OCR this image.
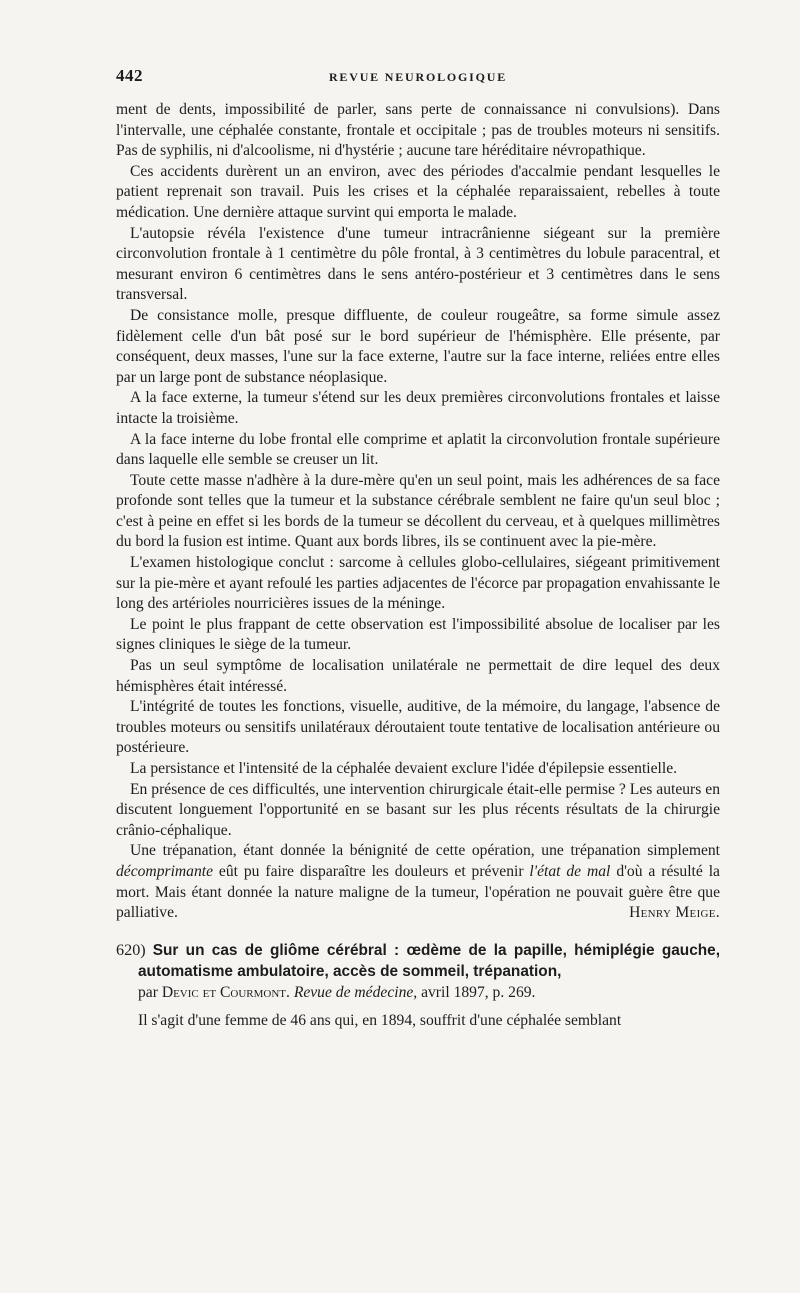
442	REVUE NEUROLOGIQUE

ment de dents, impossibilité de parler, sans perte de connaissance ni convulsions). Dans l'intervalle, une céphalée constante, frontale et occipitale ; pas de troubles moteurs ni sensitifs. Pas de syphilis, ni d'alcoolisme, ni d'hystérie ; aucune tare héréditaire névropathique.

Ces accidents durèrent un an environ, avec des périodes d'accalmie pendant lesquelles le patient reprenait son travail. Puis les crises et la céphalée reparaissaient, rebelles à toute médication. Une dernière attaque survint qui emporta le malade.

L'autopsie révéla l'existence d'une tumeur intracrânienne siégeant sur la première circonvolution frontale à 1 centimètre du pôle frontal, à 3 centimètres du lobule paracentral, et mesurant environ 6 centimètres dans le sens antéro-postérieur et 3 centimètres dans le sens transversal.

De consistance molle, presque diffluente, de couleur rougeâtre, sa forme simule assez fidèlement celle d'un bât posé sur le bord supérieur de l'hémisphère. Elle présente, par conséquent, deux masses, l'une sur la face externe, l'autre sur la face interne, reliées entre elles par un large pont de substance néoplasique.

A la face externe, la tumeur s'étend sur les deux premières circonvolutions frontales et laisse intacte la troisième.

A la face interne du lobe frontal elle comprime et aplatit la circonvolution frontale supérieure dans laquelle elle semble se creuser un lit.

Toute cette masse n'adhère à la dure-mère qu'en un seul point, mais les adhérences de sa face profonde sont telles que la tumeur et la substance cérébrale semblent ne faire qu'un seul bloc ; c'est à peine en effet si les bords de la tumeur se décollent du cerveau, et à quelques millimètres du bord la fusion est intime. Quant aux bords libres, ils se continuent avec la pie-mère.

L'examen histologique conclut : sarcome à cellules globo-cellulaires, siégeant primitivement sur la pie-mère et ayant refoulé les parties adjacentes de l'écorce par propagation envahissante le long des artérioles nourricières issues de la méninge.

Le point le plus frappant de cette observation est l'impossibilité absolue de localiser par les signes cliniques le siège de la tumeur.

Pas un seul symptôme de localisation unilatérale ne permettait de dire lequel des deux hémisphères était intéressé.

L'intégrité de toutes les fonctions, visuelle, auditive, de la mémoire, du langage, l'absence de troubles moteurs ou sensitifs unilatéraux déroutaient toute tentative de localisation antérieure ou postérieure.

La persistance et l'intensité de la céphalée devaient exclure l'idée d'épilepsie essentielle.

En présence de ces difficultés, une intervention chirurgicale était-elle permise ? Les auteurs en discutent longuement l'opportunité en se basant sur les plus récents résultats de la chirurgie crânio-céphalique.

Une trépanation, étant donnée la bénignité de cette opération, une trépanation simplement décomprimante eût pu faire disparaître les douleurs et prévenir l'état de mal d'où a résulté la mort. Mais étant donnée la nature maligne de la tumeur, l'opération ne pouvait guère être que palliative.	Henry Meige.

620) Sur un cas de gliôme cérébral : œdème de la papille, hémiplégie gauche, automatisme ambulatoire, accès de sommeil, trépanation,
par Devic et Courmont. Revue de médecine, avril 1897, p. 269.

Il s'agit d'une femme de 46 ans qui, en 1894, souffrit d'une céphalée semblant
